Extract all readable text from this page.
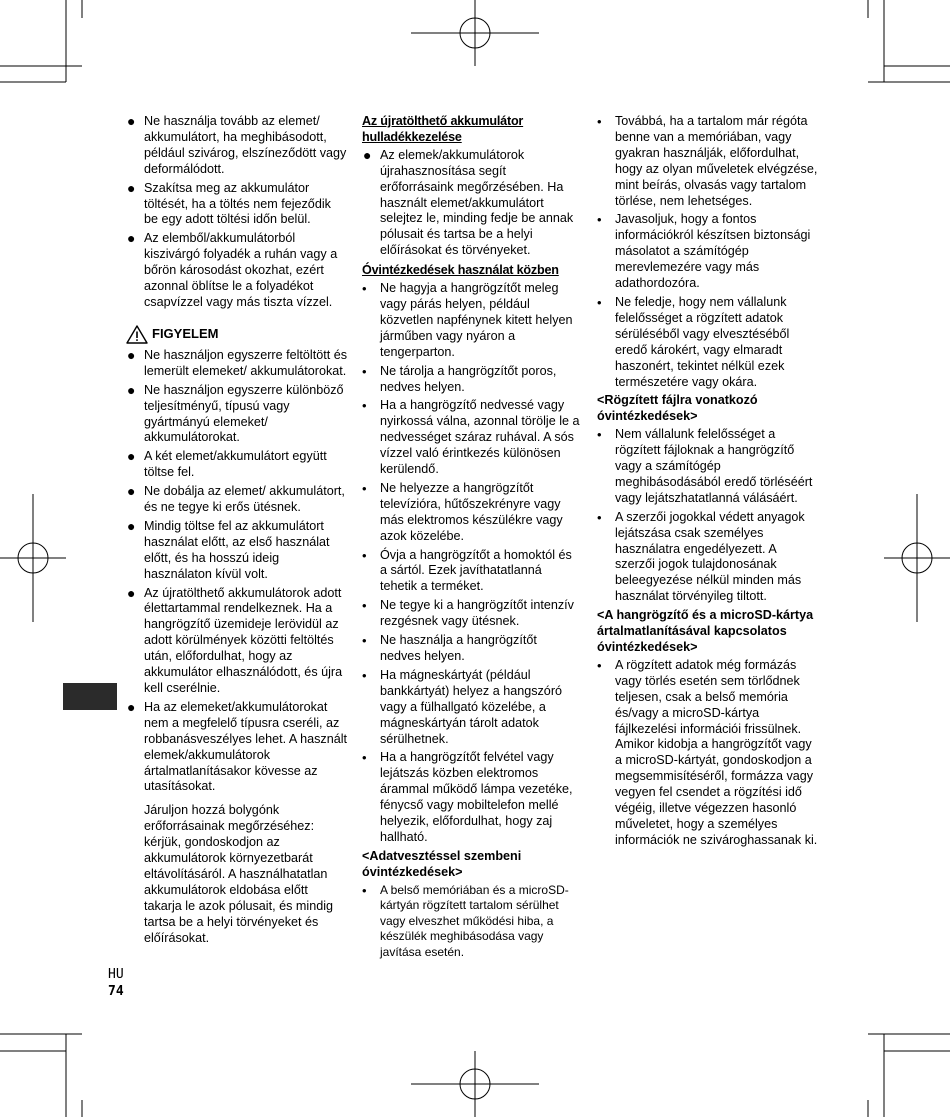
● Ne használja tovább az elemet/ akkumulátort, ha meghibásodott, például szivárog, elszíneződött vagy deformálódott.
● Szakítsa meg az akkumulátor töltését, ha a töltés nem fejeződik be egy adott töltési időn belül.
● Az elemből/akkumulátorból kiszivárgó folyadék a ruhán vagy a bőrön károsodást okozhat, ezért azonnal öblítse le a folyadékot csapvízzel vagy más tiszta vízzel.
FIGYELEM
● Ne használjon egyszerre feltöltött és lemerült elemeket/ akkumulátorokat.
● Ne használjon egyszerre különböző teljesítményű, típusú vagy gyártmányú elemeket/ akkumulátorokat.
● A két elemet/akkumulátort együtt töltse fel.
● Ne dobálja az elemet/ akkumulátort, és ne tegye ki erős ütésnek.
● Mindig töltse fel az akkumulátort használat előtt, az első használat előtt, és ha hosszú ideig használaton kívül volt.
● Az újratölthető akkumulátorok adott élettartammal rendelkeznek. Ha a hangrögzítő üzemideje lerövidül az adott körülmények közötti feltöltés után, előfordulhat, hogy az akkumulátor elhasználódott, és újra kell cserélnie.
● Ha az elemeket/akkumulátorokat nem a megfelelő típusra cseréli, az robbanásveszélyes lehet. A használt elemek/akkumulátorok ártalmatlanításakor kövesse az utasításokat.
Járuljon hozzá bolygónk erőforrásainak megőrzéséhez: kérjük, gondoskodjon az akkumulátorok környezetbarát eltávolításáról. A használhatatlan akkumulátorok eldobása előtt takarja le azok pólusait, és mindig tartsa be a helyi törvényeket és előírásokat.
Az újratölthető akkumulátor hulladékkezelése
● Az elemek/akkumulátorok újrahasznosítása segít erőforrásaink megőrzésében. Ha használt elemet/akkumulátort selejtez le, minding fedje be annak pólusait és tartsa be a helyi előírásokat és törvényeket.
Óvintézkedések használat közben
• Ne hagyja a hangrögzítőt meleg vagy párás helyen, például közvetlen napfénynek kitett helyen járműben vagy nyáron a tengerparton.
• Ne tárolja a hangrögzítőt poros, nedves helyen.
• Ha a hangrögzítő nedvessé vagy nyirkossá válna, azonnal törölje le a nedvességet száraz ruhával. A sós vízzel való érintkezés különösen kerülendő.
• Ne helyezze a hangrögzítőt televízióra, hűtőszekrényre vagy más elektromos készülékre vagy azok közelébe.
• Óvja a hangrögzítőt a homoktól és a sártól. Ezek javíthatatlanná tehetik a terméket.
• Ne tegye ki a hangrögzítőt intenzív rezgésnek vagy ütésnek.
• Ne használja a hangrögzítőt nedves helyen.
• Ha mágneskártyát (például bankkártyát) helyez a hangszóró vagy a fülhallgató közelébe, a mágneskártyán tárolt adatok sérülhetnek.
• Ha a hangrögzítőt felvétel vagy lejátszás közben elektromos árammal működő lámpa vezetéke, fénycső vagy mobiltelefon mellé helyezik, előfordulhat, hogy zaj hallható.
<Adatvesztéssel szembeni óvintézkedések>
• A belső memóriában és a microSD-kártyán rögzített tartalom sérülhet vagy elveszhet működési hiba, a készülék meghibásodása vagy javítása esetén.
• Továbbá, ha a tartalom már régóta benne van a memóriában, vagy gyakran használják, előfordulhat, hogy az olyan műveletek elvégzése, mint beírás, olvasás vagy tartalom törlése, nem lehetséges.
• Javasoljuk, hogy a fontos információkról készítsen biztonsági másolatot a számítógép merevlemezére vagy más adathordozóra.
• Ne feledje, hogy nem vállalunk felelősséget a rögzített adatok sérüléséből vagy elvesztéséből eredő károkért, vagy elmaradt haszonért, tekintet nélkül ezek természetére vagy okára.
<Rögzített fájlra vonatkozó óvintézkedések>
• Nem vállalunk felelősséget a rögzített fájloknak a hangrögzítő vagy a számítógép meghibásodásából eredő törléséért vagy lejátszhatatlanná válásáért.
• A szerzői jogokkal védett anyagok lejátszása csak személyes használatra engedélyezett. A szerzői jogok tulajdonosának beleegyezése nélkül minden más használat törvényileg tiltott.
<A hangrögzítő és a microSD-kártya ártalmatlanításával kapcsolatos óvintézkedések>
• A rögzített adatok még formázás vagy törlés esetén sem törlődnek teljesen, csak a belső memória és/vagy a microSD-kártya fájlkezelési információi frissülnek. Amikor kidobja a hangrögzítőt vagy a microSD-kártyát, gondoskodjon a megsemmisítéséről, formázza vagy vegyen fel csendet a rögzítési idő végéig, illetve végezzen hasonló műveletet, hogy a személyes információk ne szivároghassanak ki.
HU
74
